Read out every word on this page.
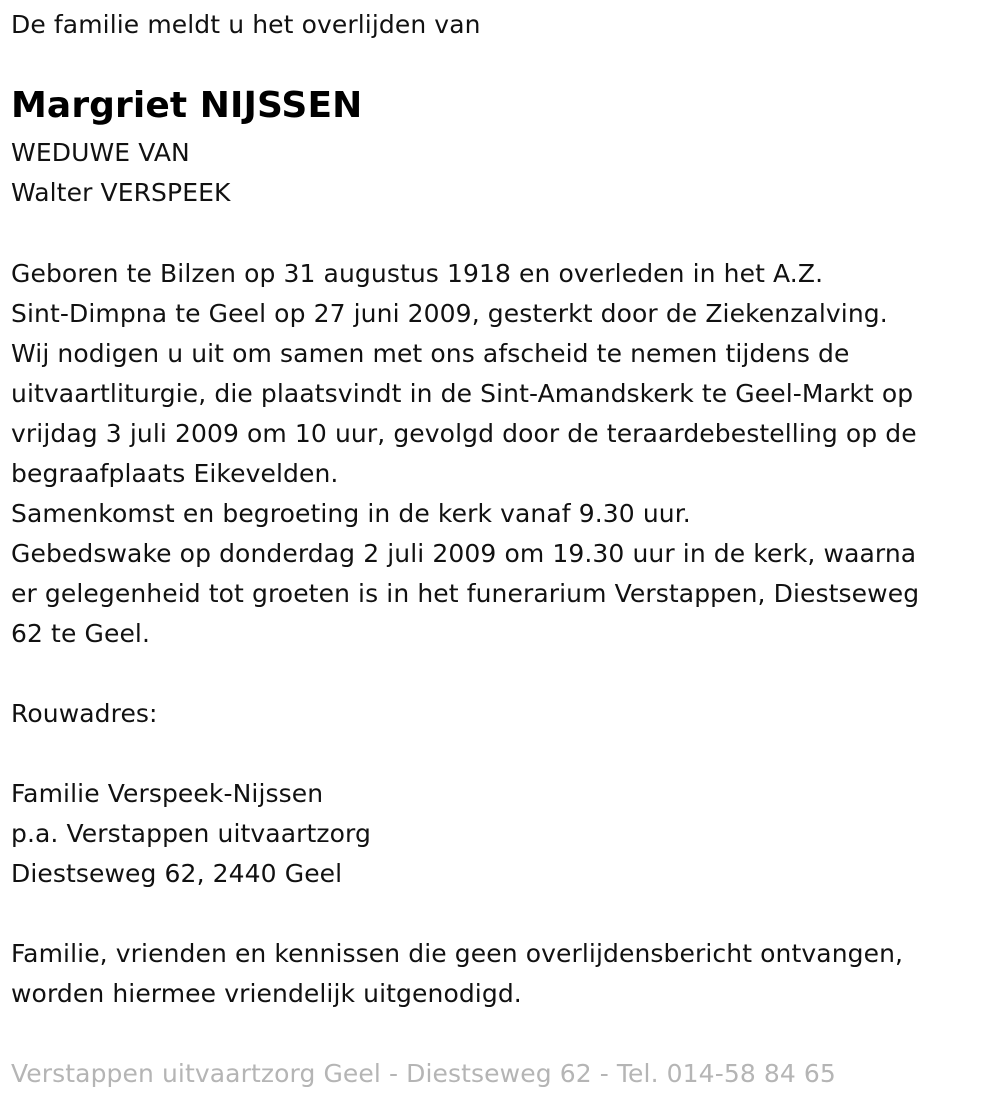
De familie meldt u het overlijden van
Margriet NIJSSEN
WEDUWE VAN
Walter VERSPEEK
Geboren te Bilzen op 31 augustus 1918 en overleden in het A.Z.
Sint-Dimpna te Geel op 27 juni 2009, gesterkt door de Ziekenzalving.
Wij nodigen u uit om samen met ons afscheid te nemen tijdens de
uitvaartliturgie, die plaatsvindt in de Sint-Amandskerk te Geel-Markt op
vrijdag 3 juli 2009 om 10 uur, gevolgd door de teraardebestelling op de
begraafplaats Eikevelden.
Samenkomst en begroeting in de kerk vanaf 9.30 uur.
Gebedswake op donderdag 2 juli 2009 om 19.30 uur in de kerk, waarna
er gelegenheid tot groeten is in het funerarium Verstappen, Diestseweg
62 te Geel.
Rouwadres:
Familie Verspeek-Nijssen
p.a. Verstappen uitvaartzorg
Diestseweg 62, 2440 Geel
Familie, vrienden en kennissen die geen overlijdensbericht ontvangen,
worden hiermee vriendelijk uitgenodigd.
Verstappen uitvaartzorg Geel - Diestseweg 62 - Tel. 014-58 84 65
